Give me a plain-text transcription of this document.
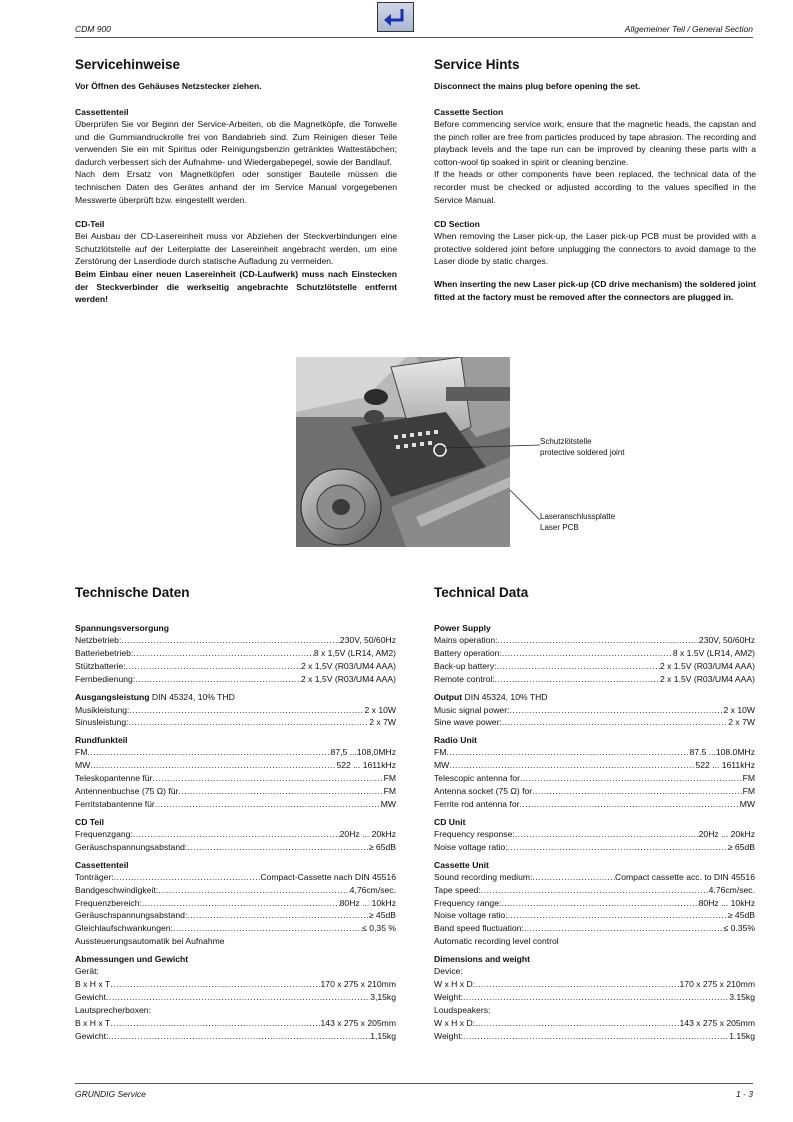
CDM 900	Allgemeiner Teil / General Section
Servicehinweise
Vor Öffnen des Gehäuses Netzstecker ziehen.
Cassettenteil

Überprüfen Sie vor Beginn der Service-Arbeiten, ob die Magnetköpfe, die Tonwelle und die Gummiandruckrolle frei von Bandabrieb sind. Zum Reinigen dieser Teile verwenden Sie ein mit Spiritus oder Reinigungsbenzin getränktes Wattestäbchen; dadurch verbessert sich der Aufnahme- und Wiedergabepegel, sowie der Bandlauf.

Nach dem Ersatz von Magnetköpfen oder sonstiger Bauteile müssen die technischen Daten des Gerätes anhand der im Service Manual vorgegebenen Messwerte überprüft bzw. eingestellt werden.

CD-Teil

Bei Ausbau der CD-Lasereinheit muss vor Abziehen der Steckverbindungen eine Schutzlötstelle auf der Leiterplatte der Lasereinheit angebracht werden, um eine Zerstörung der Laserdiode durch statische Aufladung zu vermeiden.

Beim Einbau einer neuen Lasereinheit (CD-Laufwerk) muss nach Einstecken der Steckverbinder die werkseitig angebrachte Schutzlötstelle entfernt werden!

Service Hints
Disconnect the mains plug before opening the set.
Cassette Section

Before commencing service work, ensure that the magnetic heads, the capstan and the pinch roller are free from particles produced by tape abrasion. The recording and playback levels and the tape run can be improved by cleaning these parts with a cotton-wool tip soaked in spirit or cleaning benzine.

If the heads or other components have been replaced, the technical data of the recorder must be checked or adjusted according to the values specified in the Service Manual.

CD Section

When removing the Laser pick-up, the Laser pick-up PCB must be provided with a protective soldered joint before unplugging the connectors to avoid damage to the Laser diode by static charges.

When inserting the new Laser pick-up (CD drive mechanism) the soldered joint fitted at the factory must be removed after the connectors are plugged in.

Schutzlötstelle
protective soldered joint
Laseranschlussplatte
Laser PCB
Technische Daten
Spannungsversorgung
Netzbetrieb: .....	230V, 50/60Hz
Batteriebetrieb: .....	8 x 1,5V (LR14, AM2)
Stützbatterie: .....	2 x 1,5V (R03/UM4 AAA)
Fernbedienung: .....	2 x 1,5V (R03/UM4 AAA)
Ausgangsleistung DIN 45324, 10% THD
Musikleistung: .....	2 x 10W
Sinusleistung: .....	2 x 7W
Rundfunkteil
FM .....	87,5 ...108,0MHz
MW .....	522 ... 1611kHz
Teleskopantenne für .....	FM
Antennenbuchse (75 Ω) für .....	FM
Ferritstabantenne für .....	MW
CD Teil
Frequenzgang: .....	20Hz ... 20kHz
Geräuschspannungsabstand: .....	≥ 65dB
Cassettenteil
Tonträger: .....	Compact-Cassette nach DIN 45516
Bandgeschwindigkeit: .....	4,76cm/sec.
Frequenzbereich: .....	80Hz ... 10kHz
Geräuschspannungsabstand: .....	≥ 45dB
Gleichlaufschwankungen: .....	≤ 0,35 %
Aussteuerungsautomatik bei Aufnahme
Abmessungen und Gewicht
Gerät:
B x H x T .....	170 x 275 x 210mm
Gewicht .....	3,15kg
Lautsprecherboxen:
B x H x T .....	143 x 275 x 205mm
Gewicht: .....	1,15kg
Technical Data
Power Supply
Mains operation: .....	230V, 50/60Hz
Battery operation: .....	8 x 1.5V (LR14, AM2)
Back-up battery: .....	2 x 1.5V (R03/UM4 AAA)
Remote control: .....	2 x 1.5V (R03/UM4 AAA)
Output DIN 45324, 10% THD
Music signal power: .....	2 x 10W
Sine wave power: .....	2 x 7W
Radio Unit
FM .....	87.5 ...108.0MHz
MW .....	522 ... 1611kHz
Telescopic antenna for .....	FM
Antenna socket (75 Ω) for .....	FM
Ferrite rod antenna for .....	MW
CD Unit
Frequency response: .....	20Hz ... 20kHz
Noise voltage ratio: .....	≥ 65dB
Cassette Unit
Sound recording medium: .....	Compact cassette acc. to DIN 45516
Tape speed: .....	4.76cm/sec.
Frequency range: .....	80Hz ... 10kHz
Noise voltage ratio: .....	≥ 45dB
Band speed fluctuation: .....	≤ 0.35%
Automatic recording level control
Dimensions and weight
Device:
W x H x D: .....	170 x 275 x 210mm
Weight: .....	3.15kg
Loudspeakers:
W x H x D: .....	143 x 275 x 205mm
Weight: .....	1.15kg
GRUNDIG Service	1 - 3
